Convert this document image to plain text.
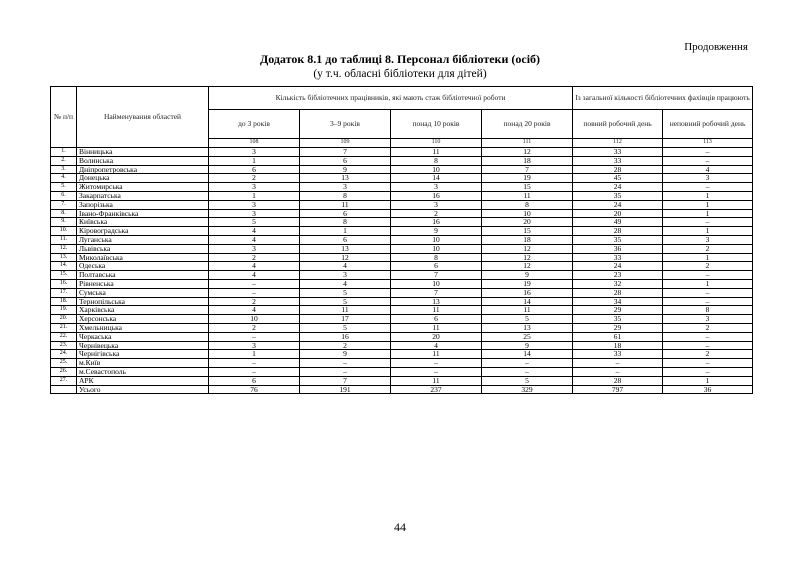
Продовження
Додаток 8.1 до таблиці 8. Персонал бібліотеки (осіб)
(у т.ч. обласні бібліотеки для дітей)
№ п/п	Найменування областей	Кількість бібліотечних працівників, які мають стаж бібліотечної роботи				Із загальної кількості бібліотечних фахівців працюють	
		до 3 років	3–9 років	понад 10 років	понад 20 років	повний робочий день	неповний робочий день
		108	109	110	111	112	113
1.	Вінницька	3	7	11	12	33	–
2.	Волинська	1	6	8	18	33	–
3.	Дніпропетровська	6	9	10	7	28	4
4.	Донецька	2	13	14	19	45	3
5.	Житомирська	3	3	3	15	24	–
6.	Закарпатська	1	8	16	11	35	1
7.	Запорізька	3	11	3	8	24	1
8.	Івано-Франківська	3	6	2	10	20	1
9.	Київська	5	8	16	20	49	–
10.	Кіровоградська	4	1	9	15	28	1
11.	Луганська	4	6	10	18	35	3
12.	Львівська	3	13	10	12	36	2
13.	Миколаївська	2	12	8	12	33	1
14.	Одеська	4	4	6	12	24	2
15.	Полтавська	4	3	7	9	23	–
16.	Рівненська	–	4	10	19	32	1
17.	Сумська	–	5	7	16	28	–
18.	Тернопільська	2	5	13	14	34	–
19.	Харківська	4	11	11	11	29	8
20.	Херсонська	10	17	6	5	35	3
21.	Хмельницька	2	5	11	13	29	2
22.	Черкаська	–	16	20	25	61	–
23.	Чернівецька	3	2	4	9	18	–
24.	Чернігівська	1	9	11	14	33	2
25.	м.Київ	–	–	–	–	–	–
26.	м.Севастополь	–	–	–	–	–	–
27.	АРК	6	7	11	5	28	1
	Усього	76	191	237	329	797	36
44
